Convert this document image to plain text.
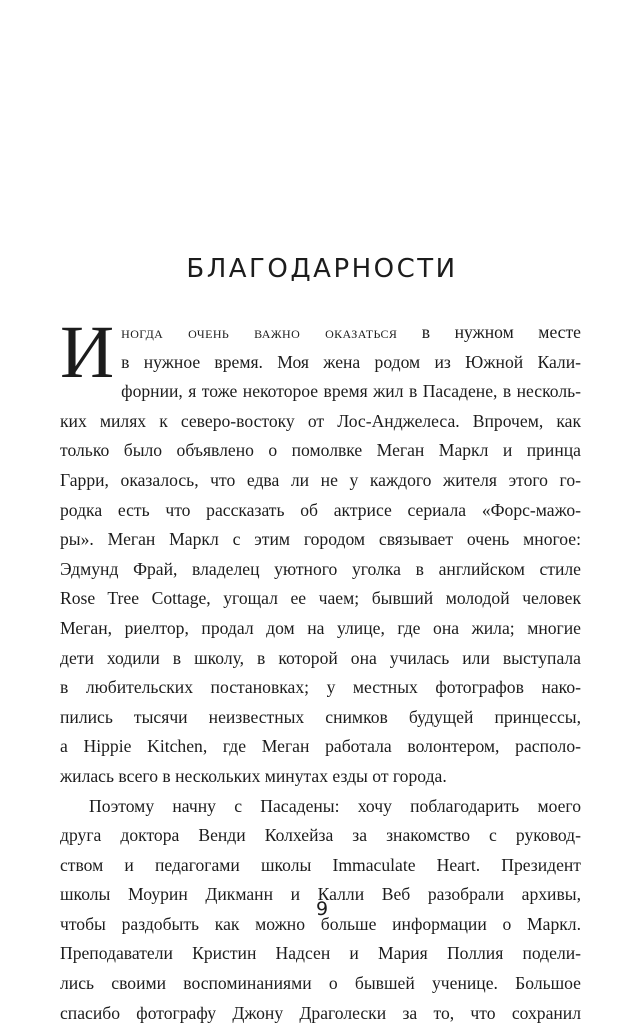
БЛАГОДАРНОСТИ

И ногда очень важно оказаться в нужном месте
в нужное время. Моя жена родом из Южной Кали-
форнии, я тоже некоторое время жил в Пасадене, в несколь-
ких милях к северо-востоку от Лос-Анджелеса. Впрочем, как
только было объявлено о помолвке Меган Маркл и принца
Гарри, оказалось, что едва ли не у каждого жителя этого го-
родка есть что рассказать об актрисе сериала «Форс-мажо-
ры». Меган Маркл с этим городом связывает очень многое:
Эдмунд Фрай, владелец уютного уголка в английском стиле
Rose Tree Cottage, угощал ее чаем; бывший молодой человек
Меган, риелтор, продал дом на улице, где она жила; многие
дети ходили в школу, в которой она училась или выступала
в любительских постановках; у местных фотографов нако-
пились тысячи неизвестных снимков будущей принцессы,
а Hippie Kitchen, где Меган работала волонтером, располо-
жилась всего в нескольких минутах езды от города.

Поэтому начну с Пасадены: хочу поблагодарить моего
друга доктора Венди Колхейза за знакомство с руковод-
ством и педагогами школы Immaculate Heart. Президент
школы Моурин Дикманн и Калли Веб разобрали архивы,
чтобы раздобыть как можно больше информации о Маркл.
Преподаватели Кристин Надсен и Мария Поллия подели-
лись своими воспоминаниями о бывшей ученице. Большое
спасибо фотографу Джону Драголески за то, что сохранил

9
